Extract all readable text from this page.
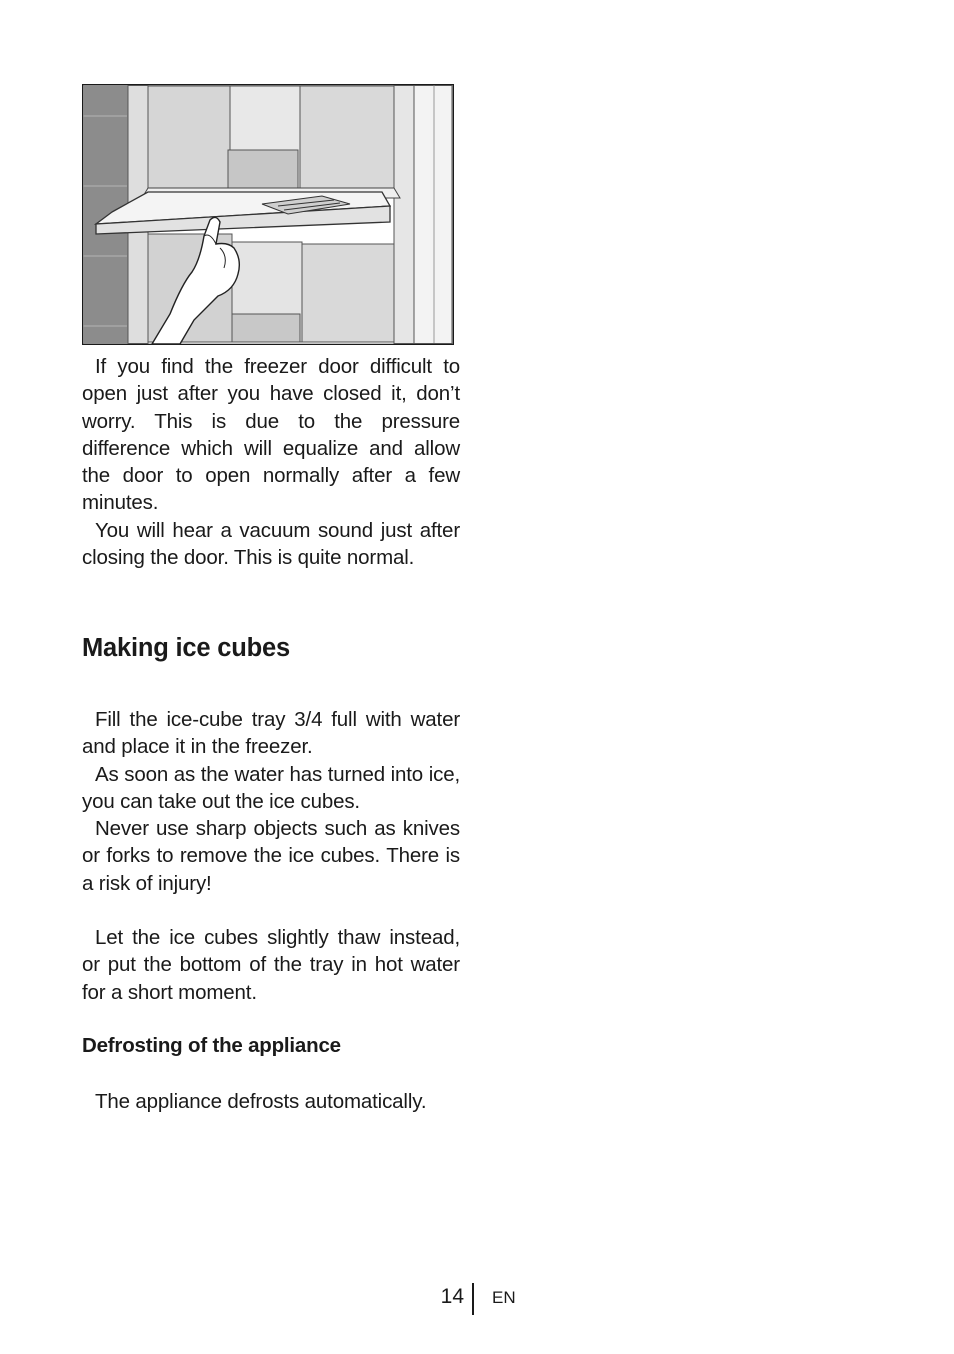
If you find the freezer door difficult to open just after you have closed it, don’t worry. This is due to the pressure difference which will equalize and allow the door to open normally after a few minutes.

You will hear a vacuum sound just after closing the door. This is quite normal.

Making ice cubes

Fill the ice-cube tray 3/4 full with water and place it in the freezer.

As soon as the water has turned into ice, you can take out the ice cubes.

Never use sharp objects such as knives or forks to remove the ice cubes. There is a risk of injury!

Let the ice cubes slightly thaw instead, or put the bottom of the tray in hot water for a short moment.

Defrosting of the appliance

The appliance defrosts automatically.

14 EN
